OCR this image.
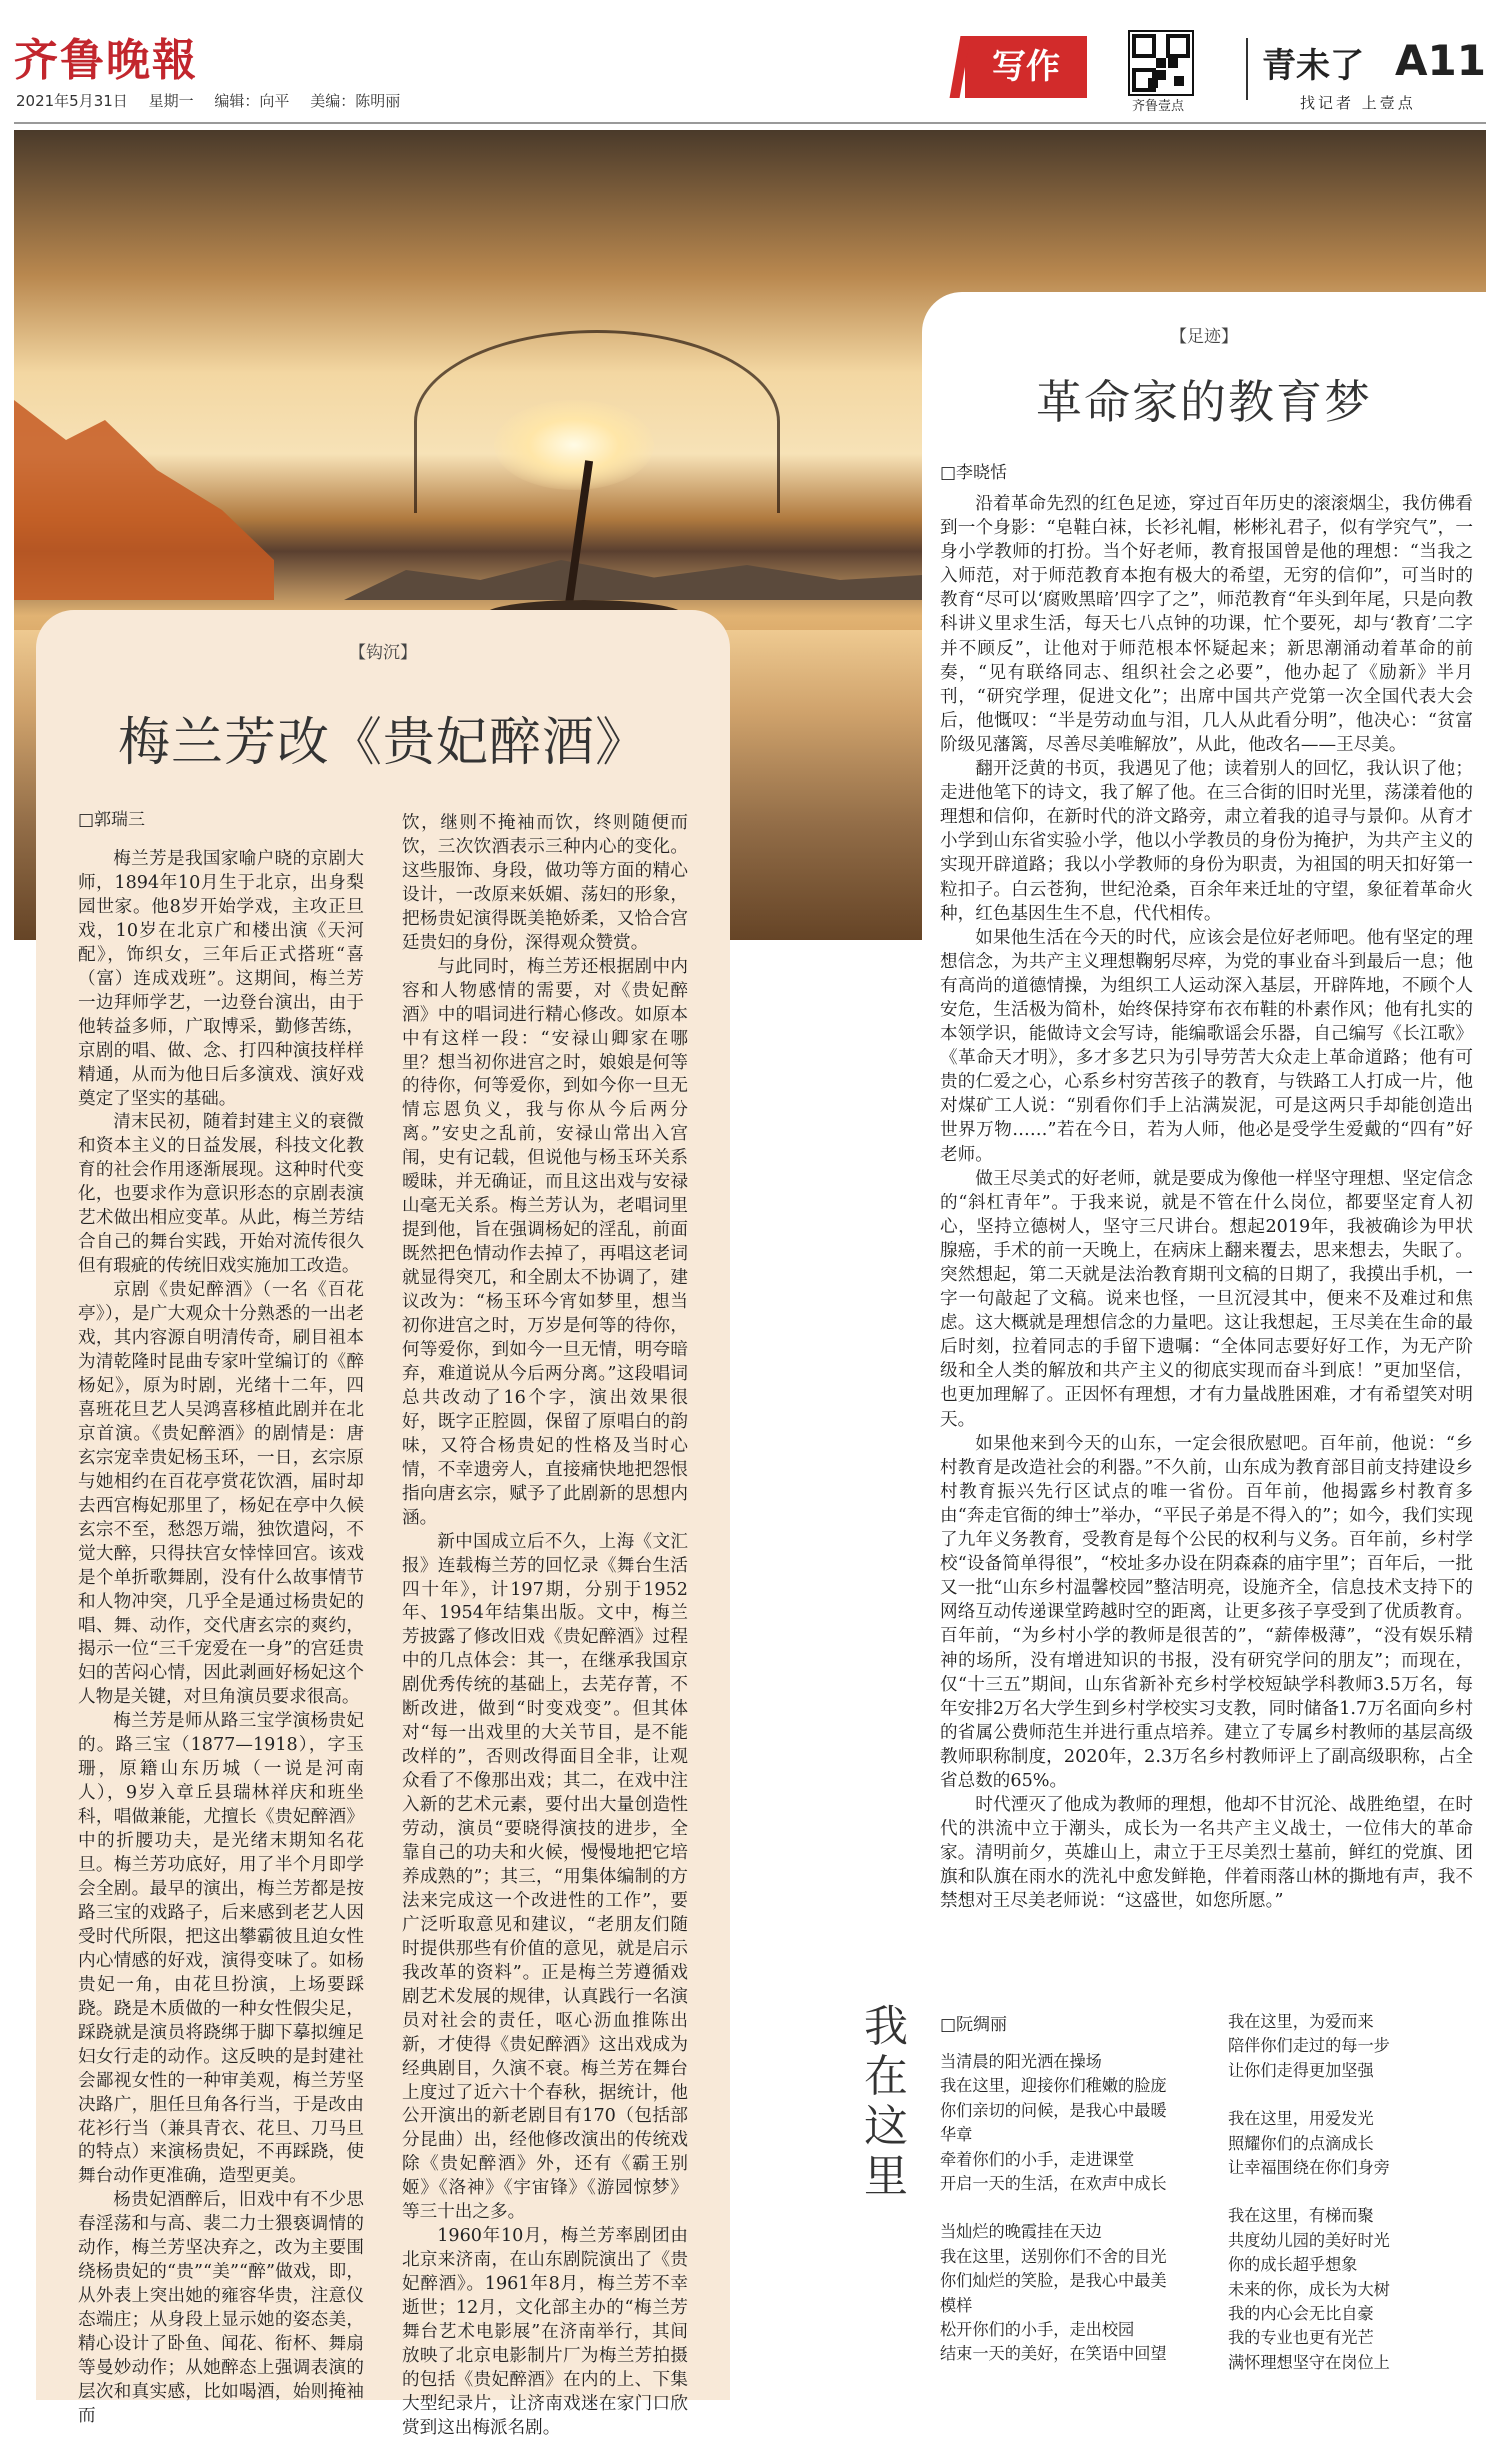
齐鲁晚報
2021年5月31日 星期一 编辑：向平 美编：陈明丽
写作
齐鲁壹点
青未了 A11
找记者 上壹点
【足迹】
革命家的教育梦
□李晓恬

沿着革命先烈的红色足迹，穿过百年历史的滚滚烟尘，我仿佛看到一个身影：“皂鞋白袜，长衫礼帽，彬彬礼君子，似有学究气”，一身小学教师的打扮。当个好老师，教育报国曾是他的理想：“当我之入师范，对于师范教育本抱有极大的希望，无穷的信仰”，可当时的教育“尽可以‘腐败黑暗’四字了之”，师范教育“年头到年尾，只是向教科讲义里求生活，每天七八点钟的功课，忙个要死，却与‘教育’二字并不顾反”，让他对于师范根本怀疑起来；新思潮涌动着革命的前奏，“见有联络同志、组织社会之必要”，他办起了《励新》半月刊，“研究学理，促进文化”；出席中国共产党第一次全国代表大会后，他慨叹：“半是劳动血与泪，几人从此看分明”，他决心：“贫富阶级见藩篱，尽善尽美唯解放”，从此，他改名——王尽美。

翻开泛黄的书页，我遇见了他；读着别人的回忆，我认识了他；走进他笔下的诗文，我了解了他。在三合街的旧时光里，荡漾着他的理想和信仰，在新时代的浒文路旁，肃立着我的追寻与景仰。从育才小学到山东省实验小学，他以小学教员的身份为掩护，为共产主义的实现开辟道路；我以小学教师的身份为职责，为祖国的明天扣好第一粒扣子。白云苍狗，世纪沧桑，百余年来迁址的守望，象征着革命火种，红色基因生生不息，代代相传。

如果他生活在今天的时代，应该会是位好老师吧。他有坚定的理想信念，为共产主义理想鞠躬尽瘁，为党的事业奋斗到最后一息；他有高尚的道德情操，为组织工人运动深入基层，开辟阵地，不顾个人安危，生活极为简朴，始终保持穿布衣布鞋的朴素作风；他有扎实的本领学识，能做诗文会写诗，能编歌谣会乐器，自己编写《长江歌》《革命天才明》，多才多艺只为引导劳苦大众走上革命道路；他有可贵的仁爱之心，心系乡村穷苦孩子的教育，与铁路工人打成一片，他对煤矿工人说：“别看你们手上沾满炭泥，可是这两只手却能创造出世界万物……”若在今日，若为人师，他必是受学生爱戴的“四有”好老师。

做王尽美式的好老师，就是要成为像他一样坚守理想、坚定信念的“斜杠青年”。于我来说，就是不管在什么岗位，都要坚定育人初心，坚持立德树人，坚守三尺讲台。想起2019年，我被确诊为甲状腺癌，手术的前一天晚上，在病床上翻来覆去，思来想去，失眠了。突然想起，第二天就是法治教育期刊文稿的日期了，我摸出手机，一字一句敲起了文稿。说来也怪，一旦沉浸其中，便来不及难过和焦虑。这大概就是理想信念的力量吧。这让我想起，王尽美在生命的最后时刻，拉着同志的手留下遗嘱：“全体同志要好好工作，为无产阶级和全人类的解放和共产主义的彻底实现而奋斗到底！”更加坚信，也更加理解了。正因怀有理想，才有力量战胜困难，才有希望笑对明天。

如果他来到今天的山东，一定会很欣慰吧。百年前，他说：“乡村教育是改造社会的利器。”不久前，山东成为教育部目前支持建设乡村教育振兴先行区试点的唯一省份。百年前，他揭露乡村教育多由“奔走官衙的绅士”举办，“平民子弟是不得入的”；如今，我们实现了九年义务教育，受教育是每个公民的权利与义务。百年前，乡村学校“设备简单得很”，“校址多办设在阴森森的庙宇里”；百年后，一批又一批“山东乡村温馨校园”整洁明亮，设施齐全，信息技术支持下的网络互动传递课堂跨越时空的距离，让更多孩子享受到了优质教育。百年前，“为乡村小学的教师是很苦的”，“薪俸极薄”，“没有娱乐精神的场所，没有增进知识的书报，没有研究学问的朋友”；而现在，仅“十三五”期间，山东省新补充乡村学校短缺学科教师3.5万名，每年安排2万名大学生到乡村学校实习支教，同时储备1.7万名面向乡村的省属公费师范生并进行重点培养。建立了专属乡村教师的基层高级教师职称制度，2020年，2.3万名乡村教师评上了副高级职称，占全省总数的65%。

时代湮灭了他成为教师的理想，他却不甘沉沦、战胜绝望，在时代的洪流中立于潮头，成长为一名共产主义战士，一位伟大的革命家。清明前夕，英雄山上，肃立于王尽美烈士墓前，鲜红的党旗、团旗和队旗在雨水的洗礼中愈发鲜艳，伴着雨落山林的撕地有声，我不禁想对王尽美老师说：“这盛世，如您所愿。”

【钩沉】
梅兰芳改《贵妃醉酒》
□郭瑞三

梅兰芳是我国家喻户晓的京剧大师，1894年10月生于北京，出身梨园世家。他8岁开始学戏，主攻正旦戏，10岁在北京广和楼出演《天河配》，饰织女，三年后正式搭班“喜（富）连成戏班”。这期间，梅兰芳一边拜师学艺，一边登台演出，由于他转益多师，广取博采，勤修苦练，京剧的唱、做、念、打四种演技样样精通，从而为他日后多演戏、演好戏奠定了坚实的基础。

清末民初，随着封建主义的衰微和资本主义的日益发展，科技文化教育的社会作用逐渐展现。这种时代变化，也要求作为意识形态的京剧表演艺术做出相应变革。从此，梅兰芳结合自己的舞台实践，开始对流传很久但有瑕疵的传统旧戏实施加工改造。

京剧《贵妃醉酒》（一名《百花亭》），是广大观众十分熟悉的一出老戏，其内容源自明清传奇，刷目祖本为清乾隆时昆曲专家叶堂编订的《醉杨妃》，原为时剧，光绪十二年，四喜班花旦艺人吴鸿喜移植此剧并在北京首演。《贵妃醉酒》的剧情是：唐玄宗宠幸贵妃杨玉环，一日，玄宗原与她相约在百花亭赏花饮酒，届时却去西宫梅妃那里了，杨妃在亭中久候玄宗不至，愁怨万端，独饮遣闷，不觉大醉，只得扶宫女悻悻回宫。该戏是个单折歌舞剧，没有什么故事情节和人物冲突，几乎全是通过杨贵妃的唱、舞、动作，交代唐玄宗的爽约，揭示一位“三千宠爱在一身”的宫廷贵妇的苦闷心情，因此剥画好杨妃这个人物是关键，对旦角演员要求很高。

梅兰芳是师从路三宝学演杨贵妃的。路三宝（1877—1918），字玉珊，原籍山东历城（一说是河南人），9岁入章丘县瑞林祥庆和班坐科，唱做兼能，尤擅长《贵妃醉酒》中的折腰功夫，是光绪末期知名花旦。梅兰芳功底好，用了半个月即学会全剧。最早的演出，梅兰芳都是按路三宝的戏路子，后来感到老艺人因受时代所限，把这出攀霸彼且迫女性内心情感的好戏，演得变味了。如杨贵妃一角，由花旦扮演，上场要踩跷。跷是木质做的一种女性假尖足，踩跷就是演员将跷绑于脚下摹拟缠足妇女行走的动作。这反映的是封建社会鄙视女性的一种审美观，梅兰芳坚决路广，胆任旦角各行当，于是改由花衫行当（兼具青衣、花旦、刀马旦的特点）来演杨贵妃，不再踩跷，使舞台动作更准确，造型更美。

杨贵妃酒醉后，旧戏中有不少思春淫荡和与高、裴二力士猥亵调情的动作，梅兰芳坚决弃之，改为主要围绕杨贵妃的“贵”“美”“醉”做戏，即，从外表上突出她的雍容华贵，注意仪态端庄；从身段上显示她的姿态美，精心设计了卧鱼、闻花、衔杯、舞扇等曼妙动作；从她醉态上强调表演的层次和真实感，比如喝酒，始则掩袖而

饮，继则不掩袖而饮，终则随便而饮，三次饮酒表示三种内心的变化。这些服饰、身段，做功等方面的精心设计，一改原来妖媚、荡妇的形象，把杨贵妃演得既美艳娇柔，又恰合宫廷贵妇的身份，深得观众赞赏。

与此同时，梅兰芳还根据剧中内容和人物感情的需要，对《贵妃醉酒》中的唱词进行精心修改。如原本中有这样一段：“安禄山卿家在哪里？想当初你进宫之时，娘娘是何等的待你，何等爱你，到如今你一旦无情忘恩负义，我与你从今后两分离。”安史之乱前，安禄山常出入宫闱，史有记载，但说他与杨玉环关系暧昧，并无确证，而且这出戏与安禄山毫无关系。梅兰芳认为，老唱词里提到他，旨在强调杨妃的淫乱，前面既然把色情动作去掉了，再唱这老词就显得突兀，和全剧太不协调了，建议改为：“杨玉环今宵如梦里，想当初你进宫之时，万岁是何等的待你，何等爱你，到如今一旦无情，明夸暗弃，难道说从今后两分离。”这段唱词总共改动了16个字，演出效果很好，既字正腔圆，保留了原唱白的韵味，又符合杨贵妃的性格及当时心情，不幸遗旁人，直接痛快地把怨恨指向唐玄宗，赋予了此剧新的思想内涵。

新中国成立后不久，上海《文汇报》连载梅兰芳的回忆录《舞台生活四十年》，计197期，分别于1952年、1954年结集出版。文中，梅兰芳披露了修改旧戏《贵妃醉酒》过程中的几点体会：其一，在继承我国京剧优秀传统的基础上，去芜存菁，不断改进，做到“时变戏变”。但其体对“每一出戏里的大关节目，是不能改样的”，否则改得面目全非，让观众看了不像那出戏；其二，在戏中注入新的艺术元素，要付出大量创造性劳动，演员“要晓得演技的进步，全靠自己的功夫和火候，慢慢地把它培养成熟的”；其三，“用集体编制的方法来完成这一个改进性的工作”，要广泛听取意见和建议，“老朋友们随时提供那些有价值的意见，就是启示我改革的资料”。正是梅兰芳遵循戏剧艺术发展的规律，认真践行一名演员对社会的责任，呕心沥血推陈出新，才使得《贵妃醉酒》这出戏成为经典剧目，久演不衰。梅兰芳在舞台上度过了近六十个春秋，据统计，他公开演出的新老剧目有170（包括部分昆曲）出，经他修改演出的传统戏除《贵妃醉酒》外，还有《霸王别姬》《洛神》《宇宙锋》《游园惊梦》等三十出之多。

1960年10月，梅兰芳率剧团由北京来济南，在山东剧院演出了《贵妃醉酒》。1961年8月，梅兰芳不幸逝世；12月，文化部主办的“梅兰芳舞台艺术电影展”在济南举行，其间放映了北京电影制片厂为梅兰芳拍摄的包括《贵妃醉酒》在内的上、下集大型纪录片，让济南戏迷在家门口欣赏到这出梅派名剧。

我在这里
□阮绸丽

当清晨的阳光洒在操场
我在这里，迎接你们稚嫩的脸庞
你们亲切的问候，是我心中最暖
华章
牵着你们的小手，走进课堂
开启一天的生活，在欢声中成长

当灿烂的晚霞挂在天边
我在这里，送别你们不舍的目光
你们灿烂的笑脸，是我心中最美
模样
松开你们的小手，走出校园
结束一天的美好，在笑语中回望

我在这里，为爱而来
陪伴你们走过的每一步
让你们走得更加坚强

我在这里，用爱发光
照耀你们的点滴成长
让幸福围绕在你们身旁

我在这里，有梯而聚
共度幼儿园的美好时光
你的成长超乎想象
未来的你，成长为大树
我的内心会无比自豪
我的专业也更有光芒
满怀理想坚守在岗位上
